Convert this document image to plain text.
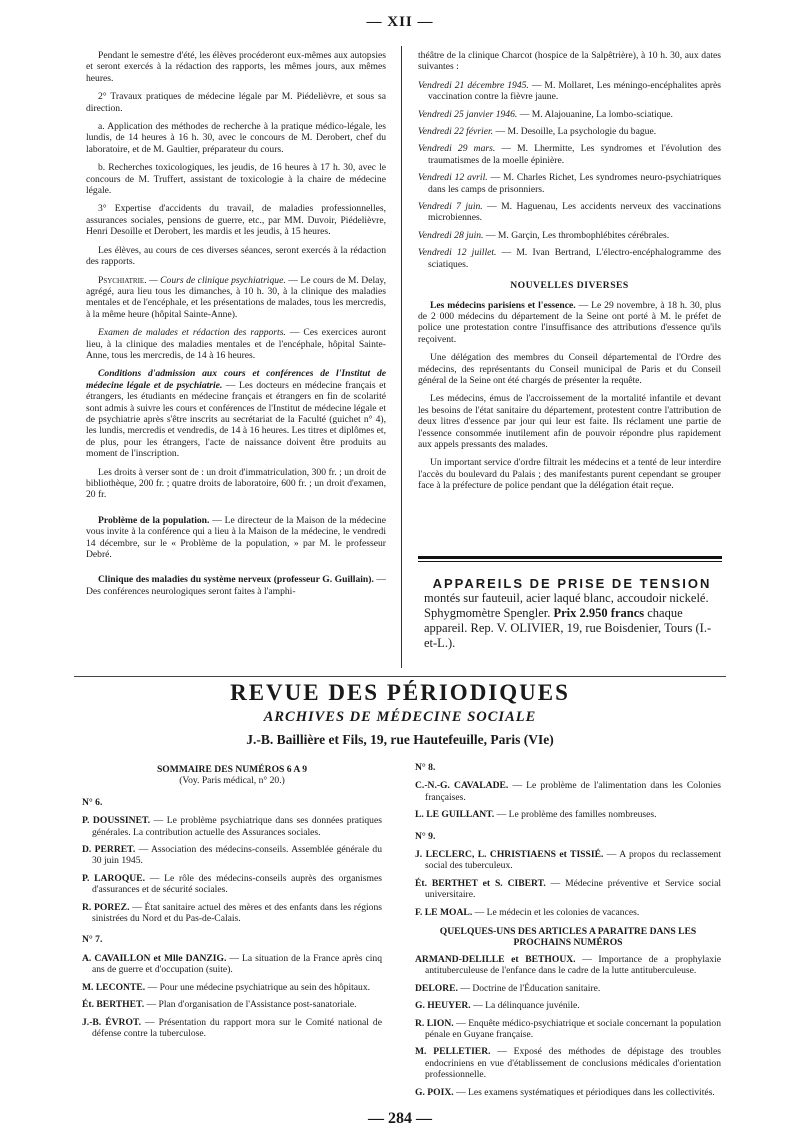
— XII —

Pendant le semestre d'été, les élèves procéderont eux-mêmes aux autopsies et seront exercés à la rédaction des rapports, les mêmes jours, aux mêmes heures.

2° Travaux pratiques de médecine légale par M. Piédelièvre, et sous sa direction.

a. Application des méthodes de recherche à la pratique médico-légale, les lundis, de 14 heures à 16 h. 30, avec le concours de M. Derobert, chef du laboratoire, et de M. Gaultier, préparateur du cours.

b. Recherches toxicologiques, les jeudis, de 16 heures à 17 h. 30, avec le concours de M. Truffert, assistant de toxicologie à la chaire de médecine légale.

3° Expertise d'accidents du travail, de maladies professionnelles, assurances sociales, pensions de guerre, etc., par MM. Duvoir, Piédelièvre, Henri Desoille et Derobert, les mardis et les jeudis, à 15 heures.

Les élèves, au cours de ces diverses séances, seront exercés à la rédaction des rapports.

Psychiatrie. — Cours de clinique psychiatrique. — Le cours de M. Delay, agrégé, aura lieu tous les dimanches, à 10 h. 30, à la clinique des maladies mentales et de l'encéphale, et les présentations de malades, tous les mercredis, à la même heure (hôpital Sainte-Anne).

Examen de malades et rédaction des rapports. — Ces exercices auront lieu, à la clinique des maladies mentales et de l'encéphale, hôpital Sainte-Anne, tous les mercredis, de 14 à 16 heures.

Conditions d'admission aux cours et conférences de l'Institut de médecine légale et de psychiatrie. — Les docteurs en médecine français et étrangers, les étudiants en médecine français et étrangers en fin de scolarité sont admis à suivre les cours et conférences de l'Institut de médecine légale et de psychiatrie après s'être inscrits au secrétariat de la Faculté (guichet n° 4), les lundis, mercredis et vendredis, de 14 à 16 heures. Les titres et diplômes et, de plus, pour les étrangers, l'acte de naissance doivent être produits au moment de l'inscription.

Les droits à verser sont de : un droit d'immatriculation, 300 fr. ; un droit de bibliothèque, 200 fr. ; quatre droits de laboratoire, 600 fr. ; un droit d'examen, 20 fr.

Problème de la population. — Le directeur de la Maison de la médecine vous invite à la conférence qui a lieu à la Maison de la médecine, le vendredi 14 décembre, sur le « Problème de la population, » par M. le professeur Debré.

Clinique des maladies du système nerveux (professeur G. Guillain). — Des conférences neurologiques seront faites à l'amphi-

théâtre de la clinique Charcot (hospice de la Salpêtrière), à 10 h. 30, aux dates suivantes :

Vendredi 21 décembre 1945. — M. Mollaret, Les méningo-encéphalites après vaccination contre la fièvre jaune.
Vendredi 25 janvier 1946. — M. Alajouanine, La lombo-sciatique.
Vendredi 22 février. — M. Desoille, La psychologie du bague.
Vendredi 29 mars. — M. Lhermitte, Les syndromes et l'évolution des traumatismes de la moelle épinière.
Vendredi 12 avril. — M. Charles Richet, Les syndromes neuro-psychiatriques dans les camps de prisonniers.
Vendredi 7 juin. — M. Haguenau, Les accidents nerveux des vaccinations microbiennes.
Vendredi 28 juin. — M. Garçin, Les thrombophlébites cérébrales.
Vendredi 12 juillet. — M. Ivan Bertrand, L'électro-encéphalogramme des sciatiques.
NOUVELLES DIVERSES

Les médecins parisiens et l'essence. — Le 29 novembre, à 18 h. 30, plus de 2 000 médecins du département de la Seine ont porté à M. le préfet de police une protestation contre l'insuffisance des attributions d'essence qu'ils reçoivent.

Une délégation des membres du Conseil départemental de l'Ordre des médecins, des représentants du Conseil municipal de Paris et du Conseil général de la Seine ont été chargés de présenter la requête.

Les médecins, émus de l'accroissement de la mortalité infantile et devant les besoins de l'état sanitaire du département, protestent contre l'attribution de deux litres d'essence par jour qui leur est faite. Ils réclament une partie de l'essence consommée inutilement afin de pouvoir répondre plus rapidement aux appels pressants des malades.

Un important service d'ordre filtrait les médecins et a tenté de leur interdire l'accès du boulevard du Palais ; des manifestants purent cependant se grouper face à la préfecture de police pendant que la délégation était reçue.

APPAREILS DE PRISE DE TENSION
montés sur fauteuil, acier laqué blanc, accoudoir nickelé. Sphygmomètre Spengler. Prix 2.950 francs chaque appareil. Rep. V. OLIVIER, 19, rue Boisdenier, Tours (I.-et-L.).
REVUE DES PÉRIODIQUES
ARCHIVES DE MÉDECINE SOCIALE
J.-B. Baillière et Fils, 19, rue Hautefeuille, Paris (VIe)
SOMMAIRE DES NUMÉROS 6 A 9
(Voy. Paris médical, n° 20.)
N° 6.
P. DOUSSINET. — Le problème psychiatrique dans ses données pratiques générales. La contribution actuelle des Assurances sociales.
D. PERRET. — Association des médecins-conseils. Assemblée générale du 30 juin 1945.
P. LAROQUE. — Le rôle des médecins-conseils auprès des organismes d'assurances et de sécurité sociales.
R. POREZ. — État sanitaire actuel des mères et des enfants dans les régions sinistrées du Nord et du Pas-de-Calais.
N° 7.
A. CAVAILLON et Mlle DANZIG. — La situation de la France après cinq ans de guerre et d'occupation (suite).
M. LECONTE. — Pour une médecine psychiatrique au sein des hôpitaux.
Ét. BERTHET. — Plan d'organisation de l'Assistance post-sanatoriale.
J.-B. ÉVROT. — Présentation du rapport mora sur le Comité national de défense contre la tuberculose.
N° 8.
C.-N.-G. CAVALADE. — Le problème de l'alimentation dans les Colonies françaises.
L. LE GUILLANT. — Le problème des familles nombreuses.
N° 9.
J. LECLERC, L. CHRISTIAENS et TISSIÉ. — A propos du reclassement social des tuberculeux.
Ét. BERTHET et S. CIBERT. — Médecine préventive et Service social universitaire.
F. LE MOAL. — Le médecin et les colonies de vacances.
QUELQUES-UNS DES ARTICLES A PARAITRE DANS LES PROCHAINS NUMÉROS
ARMAND-DELILLE et BETHOUX. — Importance de a prophylaxie antituberculeuse de l'enfance dans le cadre de la lutte antituberculeuse.
DELORE. — Doctrine de l'Éducation sanitaire.
G. HEUYER. — La délinquance juvénile.
R. LION. — Enquête médico-psychiatrique et sociale concernant la population pénale en Guyane française.
M. PELLETIER. — Exposé des méthodes de dépistage des troubles endocriniens en vue d'établissement de conclusions médicales d'orientation professionnelle.
G. POIX. — Les examens systématiques et périodiques dans les collectivités.
— 284 —
